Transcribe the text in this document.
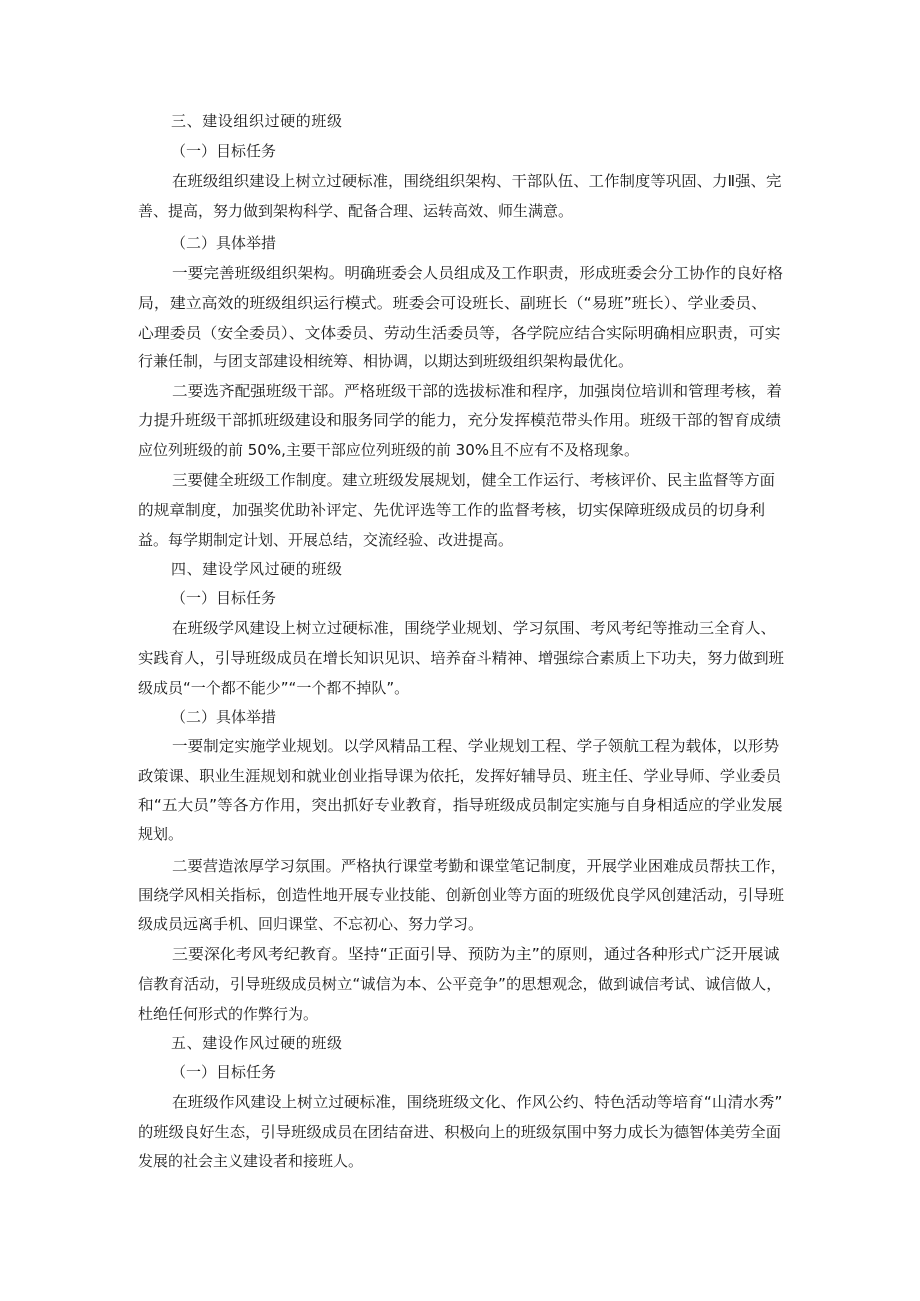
三、建设组织过硬的班级
（一）目标任务
在班级组织建设上树立过硬标准，围绕组织架构、干部队伍、工作制度等巩固、力Ⅱ强、完
善、提高，努力做到架构科学、配备合理、运转高效、师生满意。
（二）具体举措
一要完善班级组织架构。明确班委会人员组成及工作职责，形成班委会分工协作的良好格
局，建立高效的班级组织运行模式。班委会可设班长、副班长（“易班”班长）、学业委员、
心理委员（安全委员）、文体委员、劳动生活委员等，各学院应结合实际明确相应职责，可实
行兼任制，与团支部建设相统筹、相协调，以期达到班级组织架构最优化。
二要选齐配强班级干部。严格班级干部的选拔标准和程序，加强岗位培训和管理考核，着
力提升班级干部抓班级建设和服务同学的能力，充分发挥模范带头作用。班级干部的智育成绩
应位列班级的前 50%,主要干部应位列班级的前 30%且不应有不及格现象。
三要健全班级工作制度。建立班级发展规划，健全工作运行、考核评价、民主监督等方面
的规章制度，加强奖优助补评定、先优评选等工作的监督考核，切实保障班级成员的切身利
益。每学期制定计划、开展总结，交流经验、改进提高。
四、建设学风过硬的班级
（一）目标任务
在班级学风建设上树立过硬标准，围绕学业规划、学习氛围、考风考纪等推动三全育人、
实践育人，引导班级成员在增长知识见识、培养奋斗精神、增强综合素质上下功夫，努力做到班
级成员“一个都不能少”“一个都不掉队”。
（二）具体举措
一要制定实施学业规划。以学风精品工程、学业规划工程、学子领航工程为载体，以形势
政策课、职业生涯规划和就业创业指导课为依托，发挥好辅导员、班主任、学业导师、学业委员
和“五大员”等各方作用，突出抓好专业教育，指导班级成员制定实施与自身相适应的学业发展
规划。
二要营造浓厚学习氛围。严格执行课堂考勤和课堂笔记制度，开展学业困难成员帮扶工作，
围绕学风相关指标，创造性地开展专业技能、创新创业等方面的班级优良学风创建活动，引导班
级成员远离手机、回归课堂、不忘初心、努力学习。
三要深化考风考纪教育。坚持“正面引导、预防为主”的原则，通过各种形式广泛开展诚
信教育活动，引导班级成员树立“诚信为本、公平竞争”的思想观念，做到诚信考试、诚信做人，
杜绝任何形式的作弊行为。
五、建设作风过硬的班级
（一）目标任务
在班级作风建设上树立过硬标准，围绕班级文化、作风公约、特色活动等培育“山清水秀”
的班级良好生态，引导班级成员在团结奋进、积极向上的班级氛围中努力成长为德智体美劳全面
发展的社会主义建设者和接班人。
